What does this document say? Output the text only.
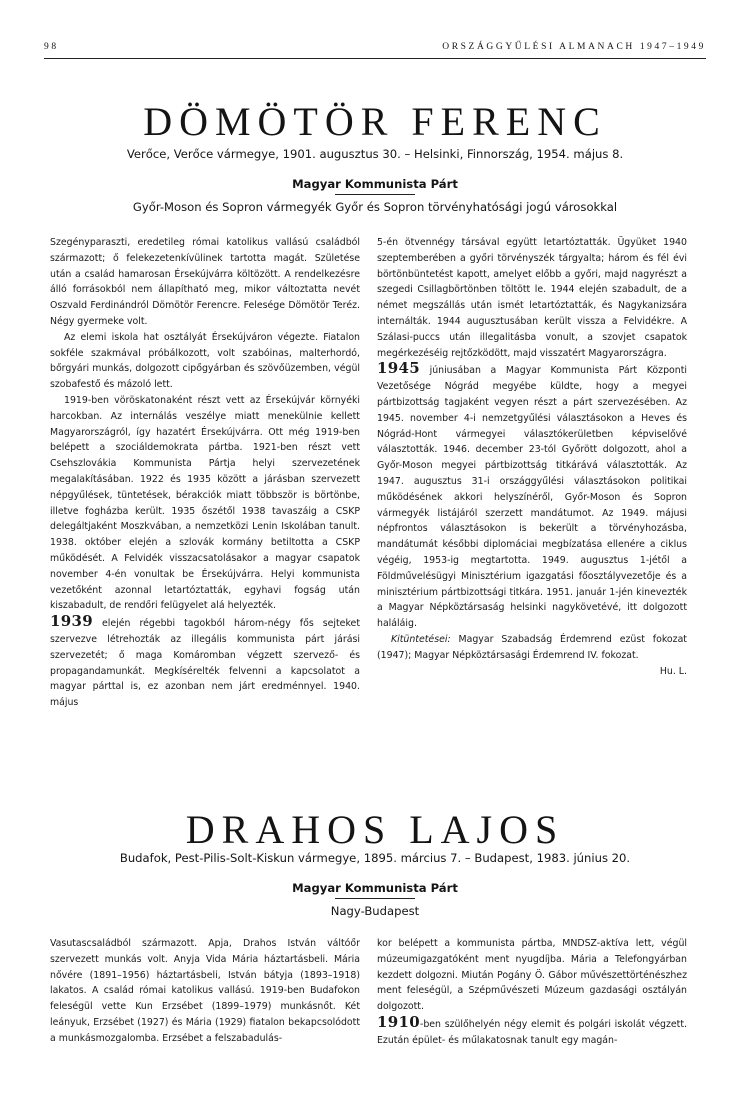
98	ORSZÁGGYŰLÉSI ALMANACH 1947–1949
DÖMÖTÖR FERENC
Verőce, Verőce vármegye, 1901. augusztus 30. – Helsinki, Finnország, 1954. május 8.
Magyar Kommunista Párt
Győr-Moson és Sopron vármegyék Győr és Sopron törvényhatósági jogú városokkal

Szegényparaszti, eredetileg római katolikus vallású családból származott; ő felekezetenkívülinek tartotta magát. Születése után a család hamarosan Érsekújvárra költözött. A rendelkezésre álló forrásokból nem állapítható meg, mikor változtatta nevét Oszvald Ferdinándról Dömötör Ferencre. Felesége Dömötör Teréz. Négy gyermeke volt.

Az elemi iskola hat osztályát Érsekújváron végezte. Fiatalon sokféle szakmával próbálkozott, volt szabóinas, malterhordó, bőrgyári munkás, dolgozott cipőgyárban és szövőüzemben, végül szobafestő és mázoló lett.

1919-ben vöröskatonaként részt vett az Érsekújvár környéki harcokban. Az internálás veszélye miatt menekülnie kellett Magyarországról, így hazatért Érsekújvárra. Ott még 1919-ben belépett a szociáldemokrata pártba. 1921-ben részt vett Csehszlovákia Kommunista Pártja helyi szervezetének megalakításában. 1922 és 1935 között a járásban szervezett népgyűlések, tüntetések, bérakciók miatt többször is börtönbe, illetve fogházba került. 1935 őszétől 1938 tavaszáig a CSKP delegáltjaként Moszkvában, a nemzetközi Lenin Iskolában tanult. 1938. október elején a szlovák kormány betiltotta a CSKP működését. A Felvidék visszacsatolásakor a magyar csapatok november 4-én vonultak be Érsekújvárra. Helyi kommunista vezetőként azonnal letartóztatták, egyhavi fogság után kiszabadult, de rendőri felügyelet alá helyezték.

1939 elején régebbi tagokból három-négy fős sejteket szervezve létrehozták az illegális kommunista párt járási szervezetét; ő maga Komáromban végzett szervező- és propagandamunkát. Megkísérelték felvenni a kapcsolatot a magyar párttal is, ez azonban nem járt eredménnyel. 1940. május

5-én ötvennégy társával együtt letartóztatták. Ügyüket 1940 szeptemberében a győri törvényszék tárgyalta; három és fél évi börtönbüntetést kapott, amelyet előbb a győri, majd nagyrészt a szegedi Csillagbörtönben töltött le. 1944 elején szabadult, de a német megszállás után ismét letartóztatták, és Nagykanizsára internálták. 1944 augusztusában került vissza a Felvidékre. A Szálasi-puccs után illegalitásba vonult, a szovjet csapatok megérkezéséig rejtőzködött, majd visszatért Magyarországra.

1945 júniusában a Magyar Kommunista Párt Központi Vezetősége Nógrád megyébe küldte, hogy a megyei pártbizottság tagjaként vegyen részt a párt szervezésében. Az 1945. november 4-i nemzetgyűlési választásokon a Heves és Nógrád-Hont vármegyei választókerületben képviselővé választották. 1946. december 23-tól Győrött dolgozott, ahol a Győr-Moson megyei pártbizottság titkárává választották. Az 1947. augusztus 31-i országgyűlési választásokon politikai működésének akkori helyszínéről, Győr-Moson és Sopron vármegyék listájáról szerzett mandátumot. Az 1949. májusi népfrontos választásokon is bekerült a törvényhozásba, mandátumát későbbi diplomáciai megbízatása ellenére a ciklus végéig, 1953-ig megtartotta. 1949. augusztus 1-jétől a Földművelésügyi Minisztérium igazgatási főosztályvezetője és a minisztérium pártbizottsági titkára. 1951. január 1-jén kinevezték a Magyar Népköztársaság helsinki nagykövetévé, itt dolgozott haláláig.

Kitüntetései: Magyar Szabadság Érdemrend ezüst fokozat (1947); Magyar Népköztársasági Érdemrend IV. fokozat.

Hu. L.

DRAHOS LAJOS
Budafok, Pest-Pilis-Solt-Kiskun vármegye, 1895. március 7. – Budapest, 1983. június 20.
Magyar Kommunista Párt
Nagy-Budapest

Vasutascsaládból származott. Apja, Drahos István váltóőr szervezett munkás volt. Anyja Vida Mária háztartásbeli. Mária nővére (1891–1956) háztartásbeli, István bátyja (1893–1918) lakatos. A család római katolikus vallású. 1919-ben Budafokon feleségül vette Kun Erzsébet (1899–1979) munkásnőt. Két leányuk, Erzsébet (1927) és Mária (1929) fiatalon bekapcsolódott a munkásmozgalomba. Erzsébet a felszabadulás-

kor belépett a kommunista pártba, MNDSZ-aktíva lett, végül múzeumigazgatóként ment nyugdíjba. Mária a Telefongyárban kezdett dolgozni. Miután Pogány Ö. Gábor művészettörténészhez ment feleségül, a Szépművészeti Múzeum gazdasági osztályán dolgozott.

1910-ben szülőhelyén négy elemit és polgári iskolát végzett. Ezután épület- és műlakatosnak tanult egy magán-
